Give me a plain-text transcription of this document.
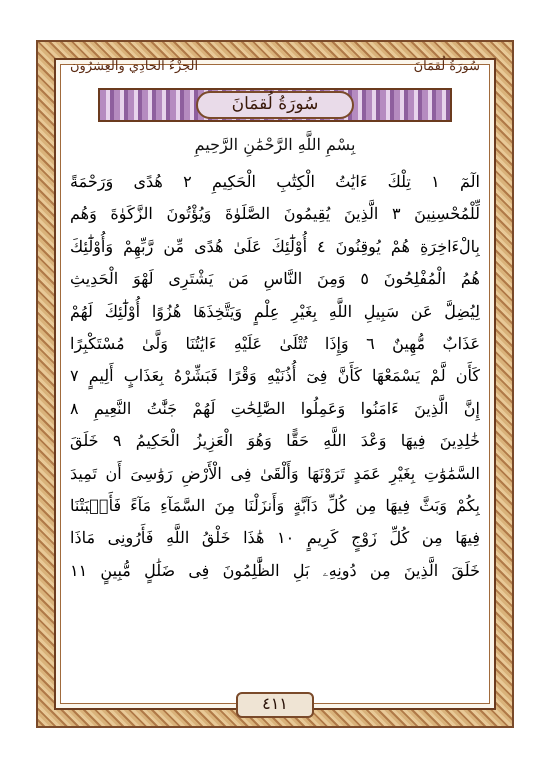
الجزْءُ الحادِي والعِشرُون	سُورَةُ لُقمَانَ
سُورَةُ لُقمَانَ
بِسْمِ اللَّهِ الرَّحْمَٰنِ الرَّحِيمِ
الٓمٓ ١ تِلْكَ ءَايَٰتُ الْكِتَٰبِ الْحَكِيمِ ٢ هُدًى وَرَحْمَةً
لِّلْمُحْسِنِينَ ٣ الَّذِينَ يُقِيمُونَ الصَّلَوٰةَ وَيُؤْتُونَ الزَّكَوٰةَ وَهُم
بِالْءَاخِرَةِ هُمْ يُوقِنُونَ ٤ أُوْلَٰٓئِكَ عَلَىٰ هُدًى مِّن رَّبِّهِمْ وَأُوْلَٰٓئِكَ
هُمُ الْمُفْلِحُونَ ٥ وَمِنَ النَّاسِ مَن يَشْتَرِى لَهْوَ الْحَدِيثِ
لِيُضِلَّ عَن سَبِيلِ اللَّهِ بِغَيْرِ عِلْمٍ وَيَتَّخِذَهَا هُزُوًا أُوْلَٰٓئِكَ لَهُمْ
عَذَابٌ مُّهِينٌ ٦ وَإِذَا تُتْلَىٰ عَلَيْهِ ءَايَٰتُنَا وَلَّىٰ مُسْتَكْبِرًا
كَأَن لَّمْ يَسْمَعْهَا كَأَنَّ فِىٓ أُذُنَيْهِ وَقْرًا فَبَشِّرْهُ بِعَذَابٍ أَلِيمٍ ٧
إِنَّ الَّذِينَ ءَامَنُوا وَعَمِلُوا الصَّٰلِحَٰتِ لَهُمْ جَنَّٰتُ النَّعِيمِ ٨
خَٰلِدِينَ فِيهَا وَعْدَ اللَّهِ حَقًّا وَهُوَ الْعَزِيزُ الْحَكِيمُ ٩ خَلَقَ
السَّمَٰوَٰتِ بِغَيْرِ عَمَدٍ تَرَوْنَهَا وَأَلْقَىٰ فِى الْأَرْضِ رَوَٰسِىَ أَن تَمِيدَ
بِكُمْ وَبَثَّ فِيهَا مِن كُلِّ دَآبَّةٍ وَأَنزَلْنَا مِنَ السَّمَآءِ مَآءً فَأَنۢبَتْنَا
فِيهَا مِن كُلِّ زَوْجٍ كَرِيمٍ ١٠ هَٰذَا خَلْقُ اللَّهِ فَأَرُونِى مَاذَا
خَلَقَ الَّذِينَ مِن دُونِهِۦ بَلِ الظَّٰلِمُونَ فِى ضَلَٰلٍ مُّبِينٍ ١١
٤١١
